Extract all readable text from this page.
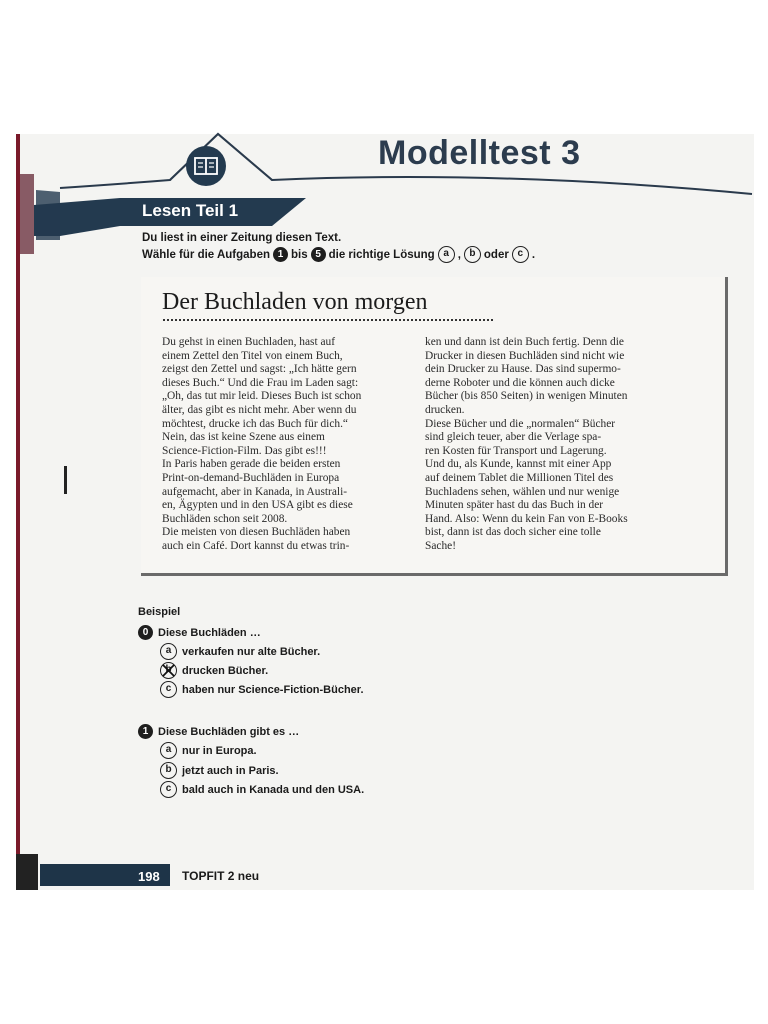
Modelltest 3
Lesen Teil 1
Du liest in einer Zeitung diesen Text.
Wähle für die Aufgaben 1 bis 5 die richtige Lösung a , b oder c .
Der Buchladen von morgen
Du gehst in einen Buchladen, hast auf
einem Zettel den Titel von einem Buch,
zeigst den Zettel und sagst: „Ich hätte gern
dieses Buch.“ Und die Frau im Laden sagt:
„Oh, das tut mir leid. Dieses Buch ist schon
älter, das gibt es nicht mehr. Aber wenn du
möchtest, drucke ich das Buch für dich.“
Nein, das ist keine Szene aus einem
Science-Fiction-Film. Das gibt es!!!
In Paris haben gerade die beiden ersten
Print-on-demand-Buchläden in Europa
aufgemacht, aber in Kanada, in Australi-
en, Ägypten und in den USA gibt es diese
Buchläden schon seit 2008.
Die meisten von diesen Buchläden haben
auch ein Café. Dort kannst du etwas trin-
ken und dann ist dein Buch fertig. Denn die
Drucker in diesen Buchläden sind nicht wie
dein Drucker zu Hause. Das sind supermo-
derne Roboter und die können auch dicke
Bücher (bis 850 Seiten) in wenigen Minuten
drucken.
Diese Bücher und die „normalen“ Bücher
sind gleich teuer, aber die Verlage spa-
ren Kosten für Transport und Lagerung.
Und du, als Kunde, kannst mit einer App
auf deinem Tablet die Millionen Titel des
Buchladens sehen, wählen und nur wenige
Minuten später hast du das Buch in der
Hand. Also: Wenn du kein Fan von E-Books
bist, dann ist das doch sicher eine tolle
Sache!
Beispiel
0 Diese Buchläden …
a verkaufen nur alte Bücher.
drucken Bücher.
c haben nur Science-Fiction-Bücher.
1 Diese Buchläden gibt es …
a nur in Europa.
b jetzt auch in Paris.
c bald auch in Kanada und den USA.
198 TOPFIT 2 neu
